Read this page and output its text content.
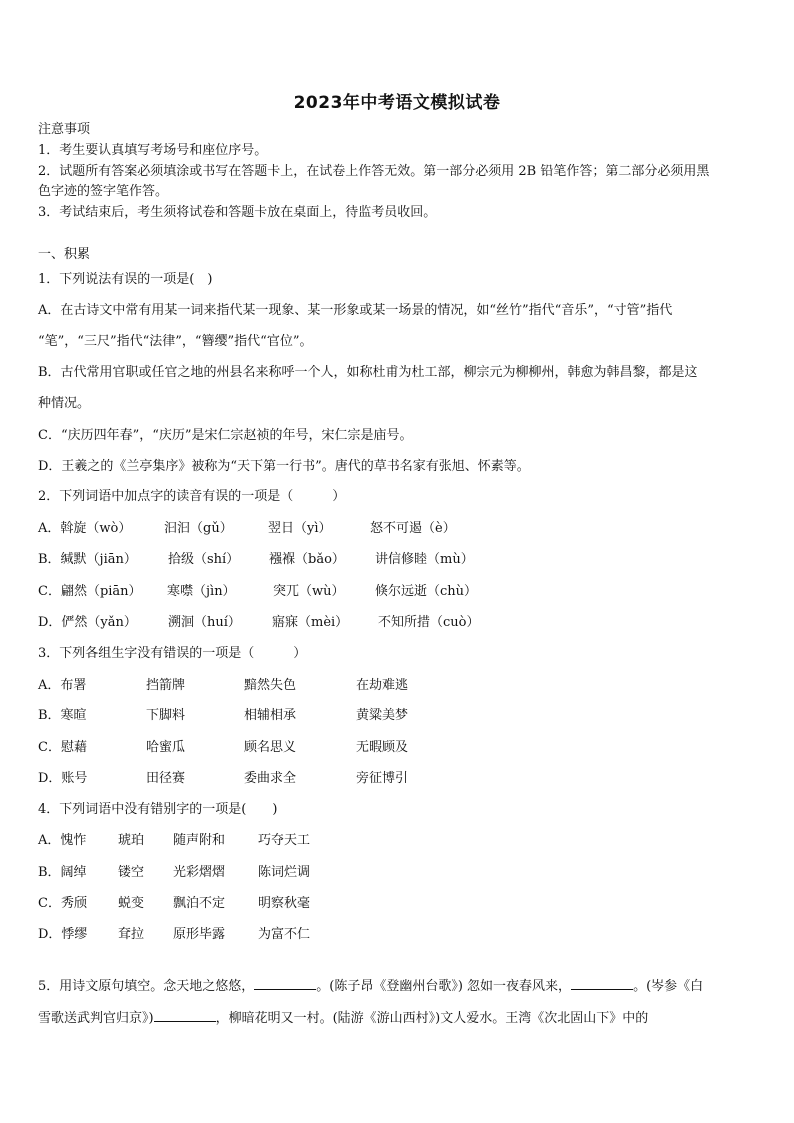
2023年中考语文模拟试卷
注意事项
1．考生要认真填写考场号和座位序号。
2．试题所有答案必须填涂或书写在答题卡上，在试卷上作答无效。第一部分必须用 2B 铅笔作答；第二部分必须用黑
色字迹的签字笔作答。
3．考试结束后，考生须将试卷和答题卡放在桌面上，待监考员收回。
一、积累
1．下列说法有误的一项是(　)
A．在古诗文中常有用某一词来指代某一现象、某一形象或某一场景的情况，如“丝竹”指代“音乐”，“寸管”指代
“笔”，“三尺”指代“法律”，“簪缨”指代“官位”。
B．古代常用官职或任官之地的州县名来称呼一个人，如称杜甫为杜工部，柳宗元为柳柳州，韩愈为韩昌黎，都是这
种情况。
C．“庆历四年春”，“庆历”是宋仁宗赵祯的年号，宋仁宗是庙号。
D．王羲之的《兰亭集序》被称为“天下第一行书”。唐代的草书名家有张旭、怀素等。
2．下列词语中加点字的读音有误的一项是（　　　）
A．斡旋（wò）	汩汩（gǔ）	翌日（yì）	怒不可遏（è）
B．缄默（jiān） 拾级（shí） 襁褓（bǎo） 讲信修睦（mù）
C．翩然（piān） 寒噤（jìn）	突兀（wù） 倏尔远逝（chù）
D．俨然（yǎn） 溯洄（huí） 寤寐（mèi） 不知所措（cuò）
3．下列各组生字没有错误的一项是（　　　）
A．布署	挡箭牌	黯然失色	在劫难逃
B．寒暄	下脚料	相辅相承	黄粱美梦
C．慰藉	哈蜜瓜	顾名思义	无暇顾及
D．账号	田径赛	委曲求全	旁征博引
4．下列词语中没有错别字的一项是(　　)
A．愧怍 琥珀 随声附和	巧夺天工
B．阔绰 镂空 光彩熠熠	陈词烂调
C．秀颀 蜕变 飘泊不定	明察秋毫
D．悸缪 耷拉 原形毕露	为富不仁
5．用诗文原句填空。念天地之悠悠，	。(陈子昂《登幽州台歌》) 忽如一夜春风来，	。(岑参《白
雪歌送武判官归京》)	，柳暗花明又一村。(陆游《游山西村》)文人爱水。王湾《次北固山下》中的
